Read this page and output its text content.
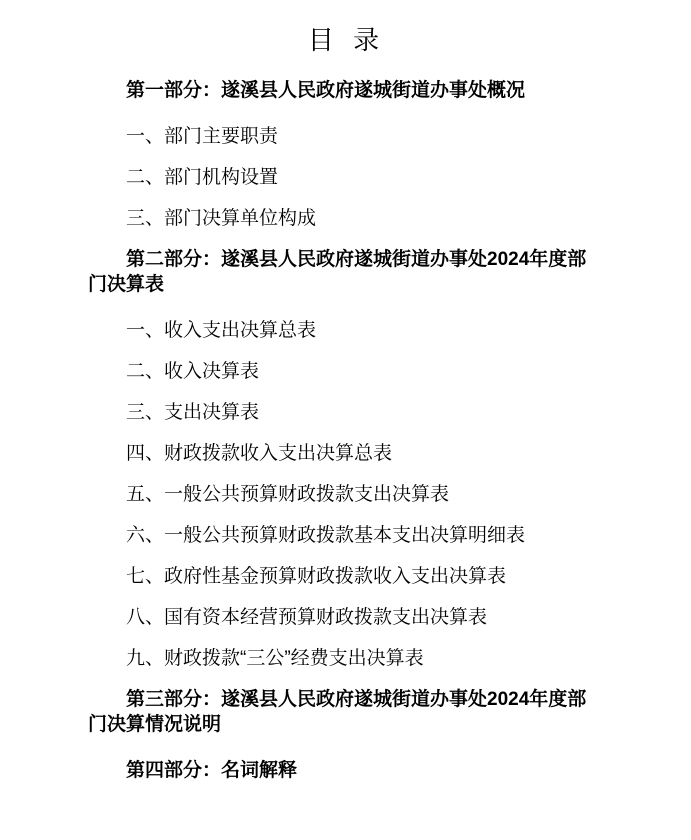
目 录

第一部分：遂溪县人民政府遂城街道办事处概况

一、部门主要职责

二、部门机构设置

三、部门决算单位构成

第二部分：遂溪县人民政府遂城街道办事处2024年度部
门决算表

一、收入支出决算总表

二、收入决算表

三、支出决算表

四、财政拨款收入支出决算总表

五、一般公共预算财政拨款支出决算表

六、一般公共预算财政拨款基本支出决算明细表

七、政府性基金预算财政拨款收入支出决算表

八、国有资本经营预算财政拨款支出决算表

九、财政拨款“三公”经费支出决算表

第三部分：遂溪县人民政府遂城街道办事处2024年度部
门决算情况说明

第四部分：名词解释
